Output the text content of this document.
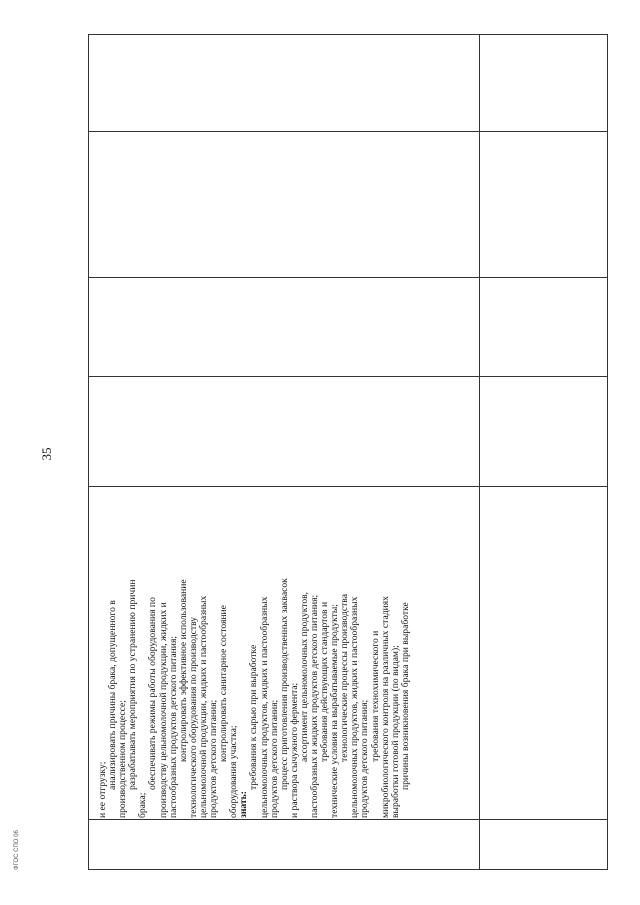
35
и ее отгрузку; анализировать причины брака, допущенного в производственном процессе; разрабатывать мероприятия по устранению причин
брака;
обеспечивать режимы работы оборудования по производству цельномолочной продукции, жидких и пастообразных продуктов детского питания; контролировать эффективное использование технологического оборудования по производству цельномолочной продукции, жидких и пастообразных продуктов детского питания; контролировать санитарное состояние
оборудования участка; знать:
требования к сырью при выработке цельномолочных продуктов, жидких и пастообразных продуктов детского питания; процесс приготовления производственных заквасок и раствора сычужного фермента; ассортимент цельномолочных продуктов, пастообразных и жидких продуктов детского питания; требования действующих стандартов и технические условия на вырабатываемые продукты; технологические процессы производства цельномолочных продуктов, жидких и пастообразных продуктов детского питания; требования технохимического и микробиологического контроля на различных стадиях выработки готовой продукции (по видам); причины возникновения брака при выработке
ФГОС СПО 06
